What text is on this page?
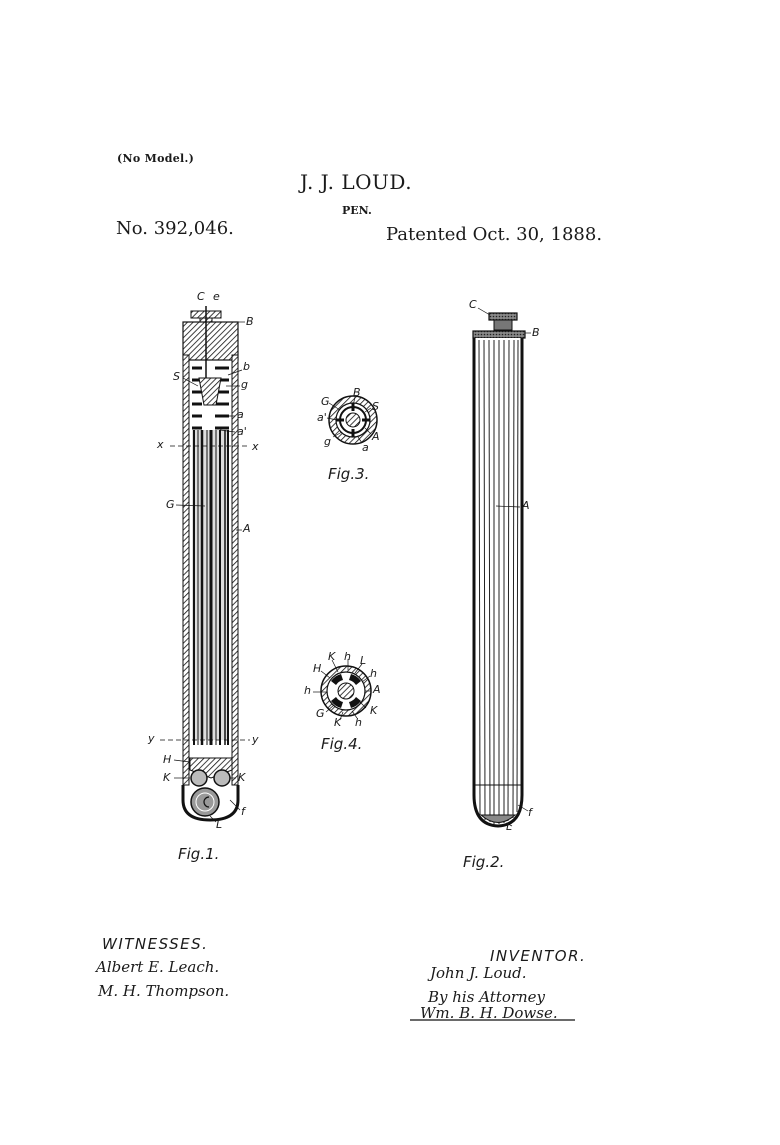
(No Model.)
J. J. LOUD.
PEN.
No. 392,046.	Patented Oct. 30, 1888.
C e
B
b
S
g
a
a'
x	x
G
A
y	y
H
K	K
f
L
Fig.1.
C
B
A
f
L
Fig.2.
G
B
S
a'
A
g	a
Fig.3.
K h L
H	h
h	A
G
K
K
h
Fig.4.
WITNESSES.
Albert E. Leach.
M. H. Thompson.
INVENTOR.
John J. Loud.
By his Attorney
Wm. B. H. Dowse.
